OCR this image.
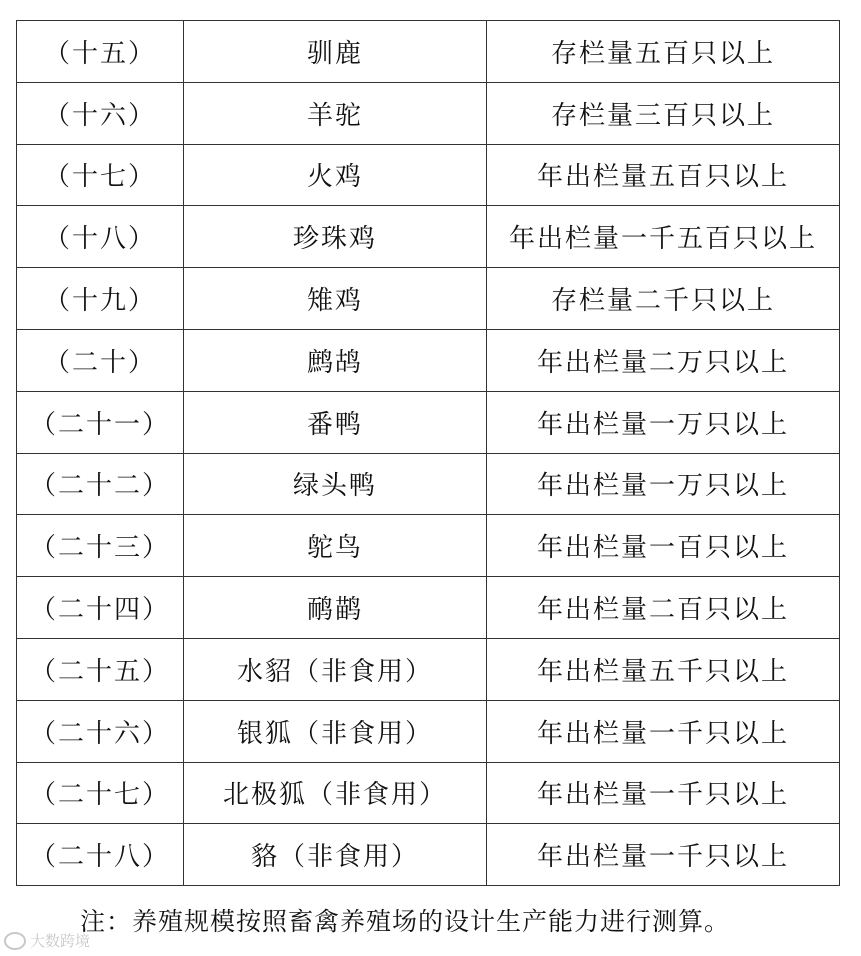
（十五）	驯鹿	存栏量五百只以上
（十六）	羊驼	存栏量三百只以上
（十七）	火鸡	年出栏量五百只以上
（十八）	珍珠鸡	年出栏量一千五百只以上
（十九）	雉鸡	存栏量二千只以上
（二十）	鹧鸪	年出栏量二万只以上
（二十一）	番鸭	年出栏量一万只以上
（二十二）	绿头鸭	年出栏量一万只以上
（二十三）	鸵鸟	年出栏量一百只以上
（二十四）	鸸鹋	年出栏量二百只以上
（二十五）	水貂（非食用）	年出栏量五千只以上
（二十六）	银狐（非食用）	年出栏量一千只以上
（二十七）	北极狐（非食用）	年出栏量一千只以上
（二十八）	貉（非食用）	年出栏量一千只以上
注：养殖规模按照畜禽养殖场的设计生产能力进行测算。
大数跨境
